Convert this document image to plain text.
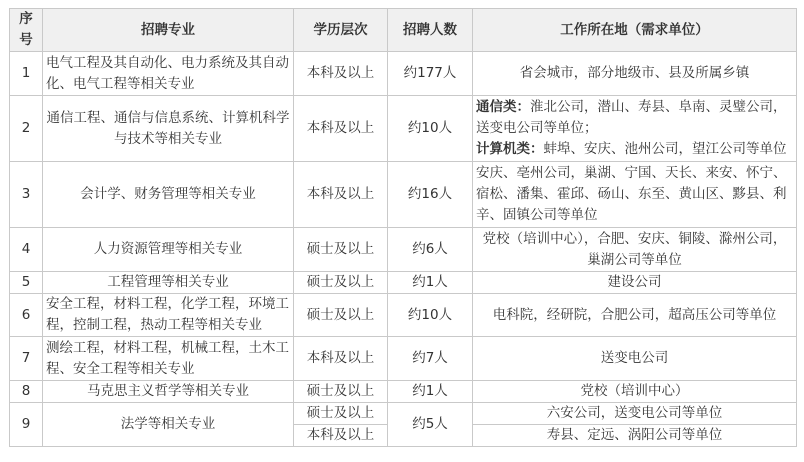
序号	招聘专业	学历层次	招聘人数	工作所在地（需求单位）
1	电气工程及其自动化、电力系统及其自动化、电气工程等相关专业	本科及以上	约177人	省会城市，部分地级市、县及所属乡镇
2	通信工程、通信与信息系统、计算机科学与技术等相关专业	本科及以上	约10人	通信类：淮北公司，潜山、寿县、阜南、灵璧公司，送变电公司等单位；
计算机类：蚌埠、安庆、池州公司，望江公司等单位

3	会计学、财务管理等相关专业	本科及以上	约16人	安庆、亳州公司，巢湖、宁国、天长、来安、怀宁、宿松、潘集、霍邱、砀山、东至、黄山区、黟县、利辛、固镇公司等单位
4	人力资源管理等相关专业	硕士及以上	约6人	党校（培训中心），合肥、安庆、铜陵、滁州公司，巢湖公司等单位
5	工程管理等相关专业	硕士及以上	约1人	建设公司
6	安全工程，材料工程，化学工程，环境工程，控制工程，热动工程等相关专业	硕士及以上	约10人	电科院，经研院，合肥公司，超高压公司等单位
7	测绘工程，材料工程，机械工程，土木工程、安全工程等相关专业	本科及以上	约7人	送变电公司
8	马克思主义哲学等相关专业	硕士及以上	约1人	党校（培训中心）
9	法学等相关专业	硕士及以上	约5人	六安公司，送变电公司等单位
		本科及以上		寿县、定远、涡阳公司等单位
